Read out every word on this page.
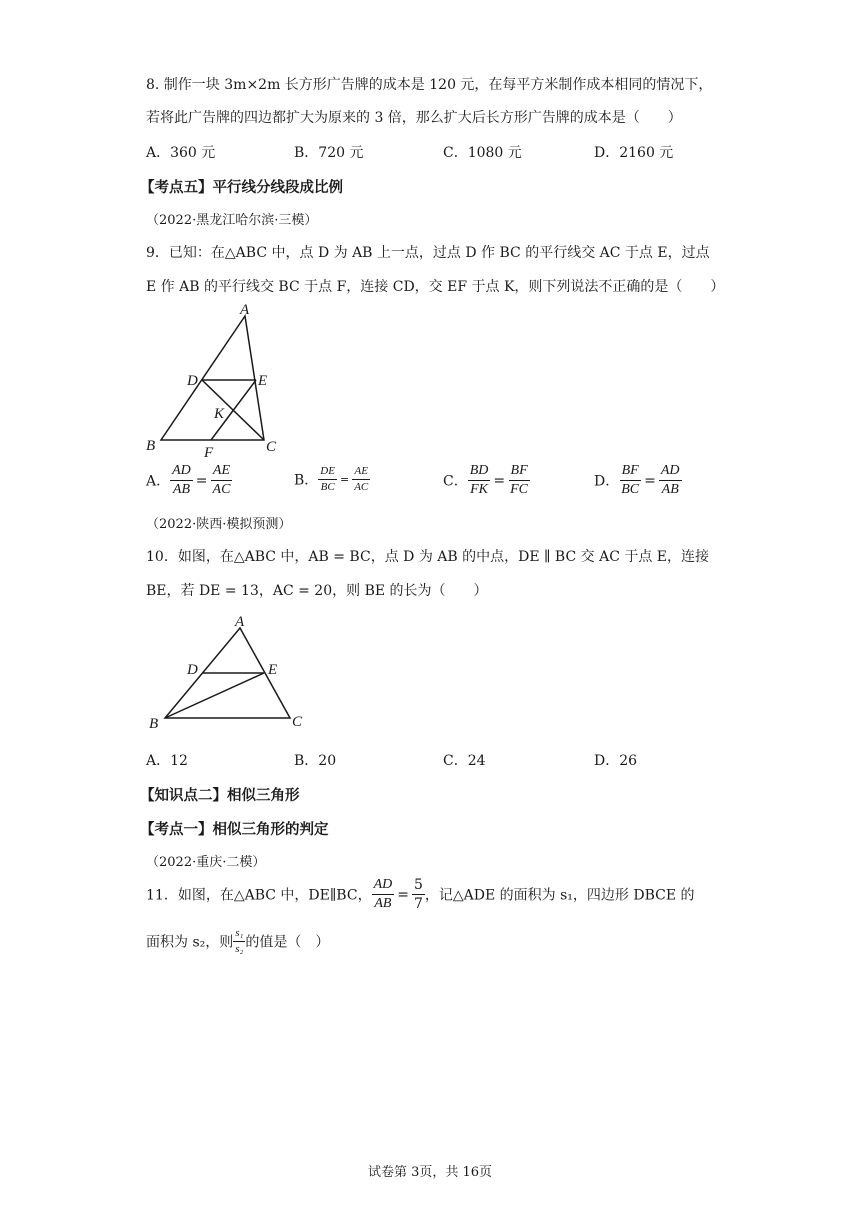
8. 制作一块 3m×2m 长方形广告牌的成本是 120 元，在每平方米制作成本相同的情况下，
若将此广告牌的四边都扩大为原来的 3 倍，那么扩大后长方形广告牌的成本是（　　）
A．360 元	B．720 元	C．1080 元	D．2160 元
【考点五】平行线分线段成比例
（2022·黑龙江哈尔滨·三模）
9．已知：在△ABC 中，点 D 为 AB 上一点，过点 D 作 BC 的平行线交 AC 于点 E，过点
E 作 AB 的平行线交 BC 于点 F，连接 CD，交 EF 于点 K，则下列说法不正确的是（　　）
A
D	E
K
B	F	C
A． $\frac{AD}{AB} = \frac{AE}{AC}$	B． $\frac{DE}{BC} = \frac{AE}{AC}$	C． $\frac{BD}{FK} = \frac{BF}{FC}$	D． $\frac{BF}{BC} = \frac{AD}{AB}$
（2022·陕西·模拟预测）
10．如图，在△ABC 中，AB = BC，点 D 为 AB 的中点，DE ∥ BC 交 AC 于点 E，连接
BE，若 DE = 13，AC = 20，则 BE 的长为（　　）
A
D	E
B	C
A．12	B．20	C．24	D．26
【知识点二】相似三角形
【考点一】相似三角形的判定
（2022·重庆·二模）
11．如图，在△ABC 中，DE∥BC， $\frac{AD}{AB} = \frac{5}{7}$ ，记△ADE 的面积为 s₁，四边形 DBCE 的
面积为 s₂，则 $\frac{\text{s₁}}{\text{s₂}}$ 的值是（　）
试卷第 3页，共 16页
